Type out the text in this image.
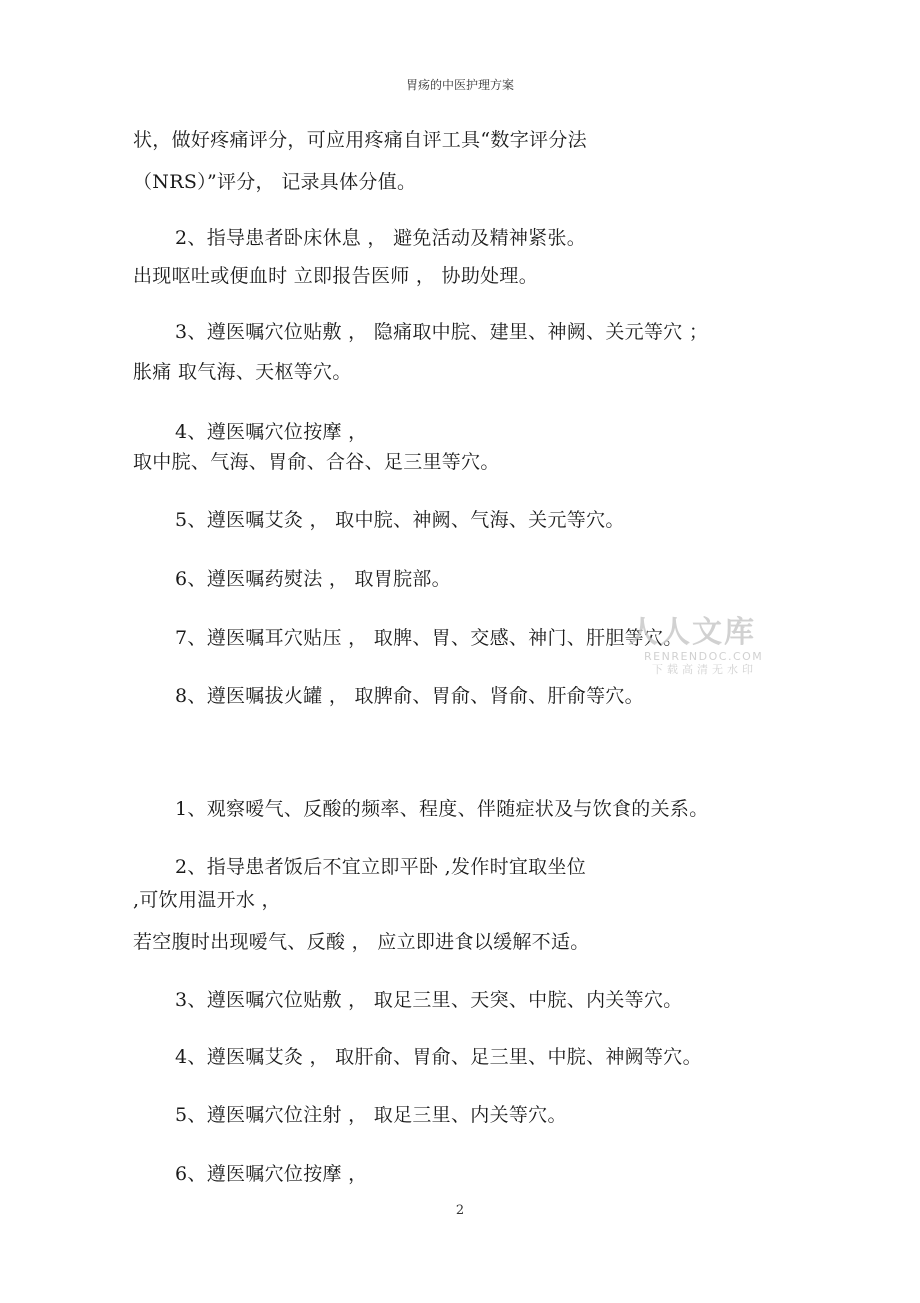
胃疡的中医护理方案
状，做好疼痛评分，可应用疼痛自评工具“数字评分法
（NRS）”评分， 记录具体分值。
2、指导患者卧床休息 ， 避免活动及精神紧张。
出现呕吐或便血时 立即报告医师 ， 协助处理。
3、遵医嘱穴位贴敷 ， 隐痛取中脘、建里、神阙、关元等穴 ；
胀痛 取气海、天枢等穴。
4、遵医嘱穴位按摩 ，
取中脘、气海、胃俞、合谷、足三里等穴。
5、遵医嘱艾灸 ， 取中脘、神阙、气海、关元等穴。
6、遵医嘱药熨法 ， 取胃脘部。
7、遵医嘱耳穴贴压 ， 取脾、胃、交感、神门、肝胆等穴。
8、遵医嘱拔火罐 ， 取脾俞、胃俞、肾俞、肝俞等穴。
1、观察嗳气、反酸的频率、程度、伴随症状及与饮食的关系。
2、指导患者饭后不宜立即平卧 ,发作时宜取坐位
,可饮用温开水 ，
若空腹时出现嗳气、反酸 ， 应立即进食以缓解不适。
3、遵医嘱穴位贴敷 ， 取足三里、天突、中脘、内关等穴。
4、遵医嘱艾灸 ， 取肝俞、胃俞、足三里、中脘、神阙等穴。
5、遵医嘱穴位注射 ， 取足三里、内关等穴。
6、遵医嘱穴位按摩 ，
人人文库
RENRENDOC.COM
下载高清无水印
2
